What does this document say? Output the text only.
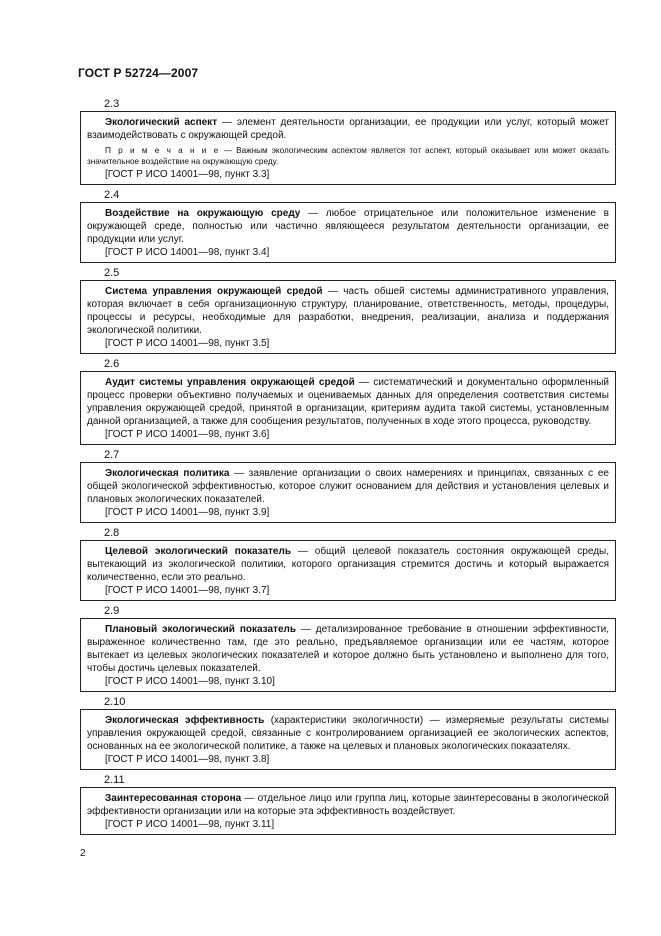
ГОСТ Р 52724—2007
2.3

Экологический аспект — элемент деятельности организации, ее продукции или услуг, который может взаимодействовать с окружающей средой.

П р и м е ч а н и е — Важным экологическим аспектом является тот аспект, который оказывает или может оказать значительное воздействие на окружающую среду.

[ГОСТ Р ИСО 14001—98, пункт 3.3]

2.4

Воздействие на окружающую среду — любое отрицательное или положительное изменение в окружающей среде, полностью или частично являющееся результатом деятельности организации, ее продукции или услуг.

[ГОСТ Р ИСО 14001—98, пункт 3.4]

2.5

Система управления окружающей средой — часть обшей системы административного управления, которая включает в себя организационную структуру, планирование, ответственность, методы, процедуры, процессы и ресурсы, необходимые для разработки, внедрения, реализации, анализа и поддержания экологической политики.

[ГОСТ Р ИСО 14001—98, пункт 3.5]

2.6

Аудит системы управления окружающей средой — систематический и документально оформленный процесс проверки объективно получаемых и оцениваемых данных для определения соответствия системы управления окружающей средой, принятой в организации, критериям аудита такой системы, установленным данной организацией, а также для сообщения результатов, полученных в ходе этого процесса, руководству.

[ГОСТ Р ИСО 14001—98, пункт 3.6]

2.7

Экологическая политика — заявление организации о своих намерениях и принципах, связанных с ее общей экологической эффективностью, которое служит основанием для действия и установления целевых и плановых экологических показателей.

[ГОСТ Р ИСО 14001—98, пункт 3.9]

2.8

Целевой экологический показатель — общий целевой показатель состояния окружающей среды, вытекающий из экологической политики, которого организация стремится достичь и который выражается количественно, если это реально.

[ГОСТ Р ИСО 14001—98, пункт 3.7]

2.9

Плановый экологический показатель — детализированное требование в отношении эффективности, выраженное количественно там, где это реально, предъявляемое организации или ее частям, которое вытекает из целевых экологических показателей и которое должно быть установлено и выполнено для того, чтобы достичь целевых показателей.

[ГОСТ Р ИСО 14001—98, пункт 3.10]

2.10

Экологическая эффективность (характеристики экологичности) — измеряемые результаты системы управления окружающей средой, связанные с контролированием организацией ее экологических аспектов, основанных на ее экологической политике, а также на целевых и плановых экологических показателях.

[ГОСТ Р ИСО 14001—98, пункт 3.8]

2.11

Заинтересованная сторона — отдельное лицо или группа лиц, которые заинтересованы в экологической эффективности организации или на которые эта эффективность воздействует.

[ГОСТ Р ИСО 14001—98, пункт 3.11]

2
